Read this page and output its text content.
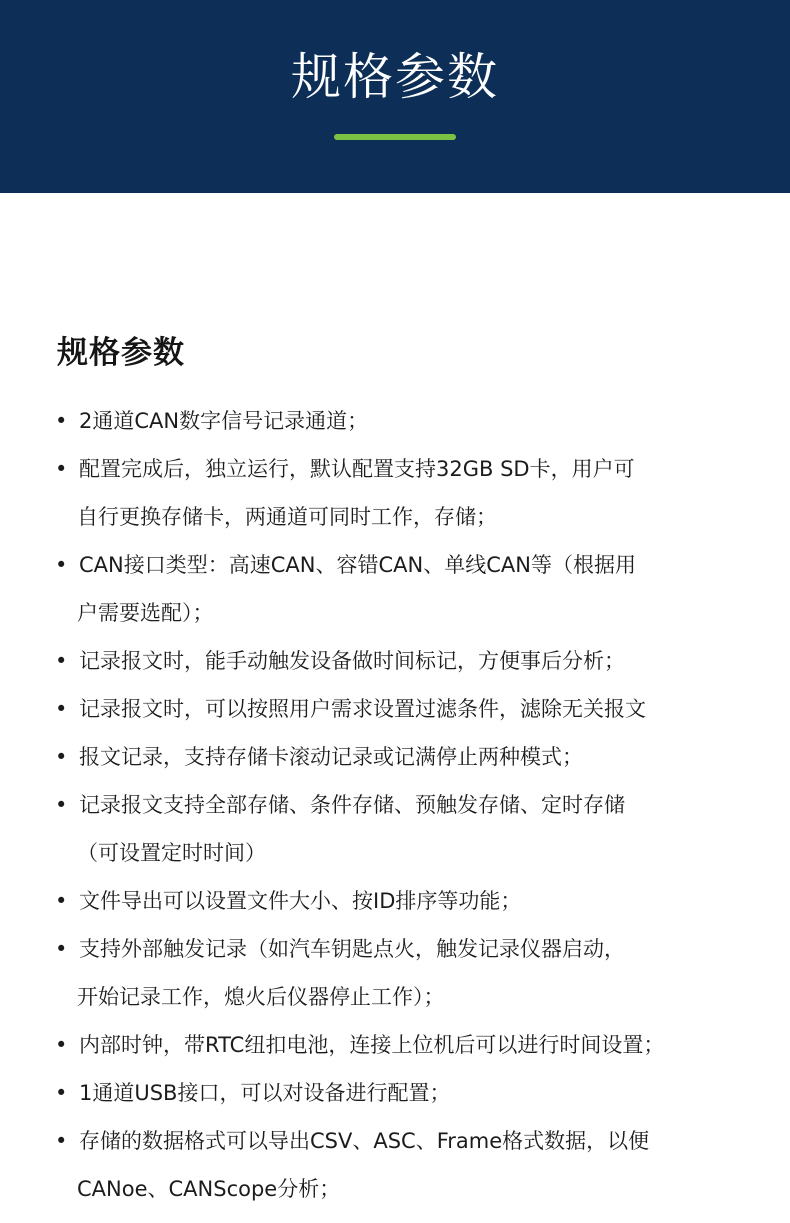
规格参数
规格参数
• 2通道CAN数字信号记录通道；
• 配置完成后，独立运行，默认配置支持32GB SD卡，用户可
自行更换存储卡，两通道可同时工作，存储；
• CAN接口类型：高速CAN、容错CAN、单线CAN等（根据用
户需要选配）；
• 记录报文时，能手动触发设备做时间标记，方便事后分析；
• 记录报文时，可以按照用户需求设置过滤条件，滤除无关报文
• 报文记录，支持存储卡滚动记录或记满停止两种模式；
• 记录报文支持全部存储、条件存储、预触发存储、定时存储
（可设置定时时间）
• 文件导出可以设置文件大小、按ID排序等功能；
• 支持外部触发记录（如汽车钥匙点火，触发记录仪器启动，
开始记录工作，熄火后仪器停止工作）；
• 内部时钟，带RTC纽扣电池，连接上位机后可以进行时间设置；
• 1通道USB接口，可以对设备进行配置；
• 存储的数据格式可以导出CSV、ASC、Frame格式数据，以便
CANoe、CANScope分析；
